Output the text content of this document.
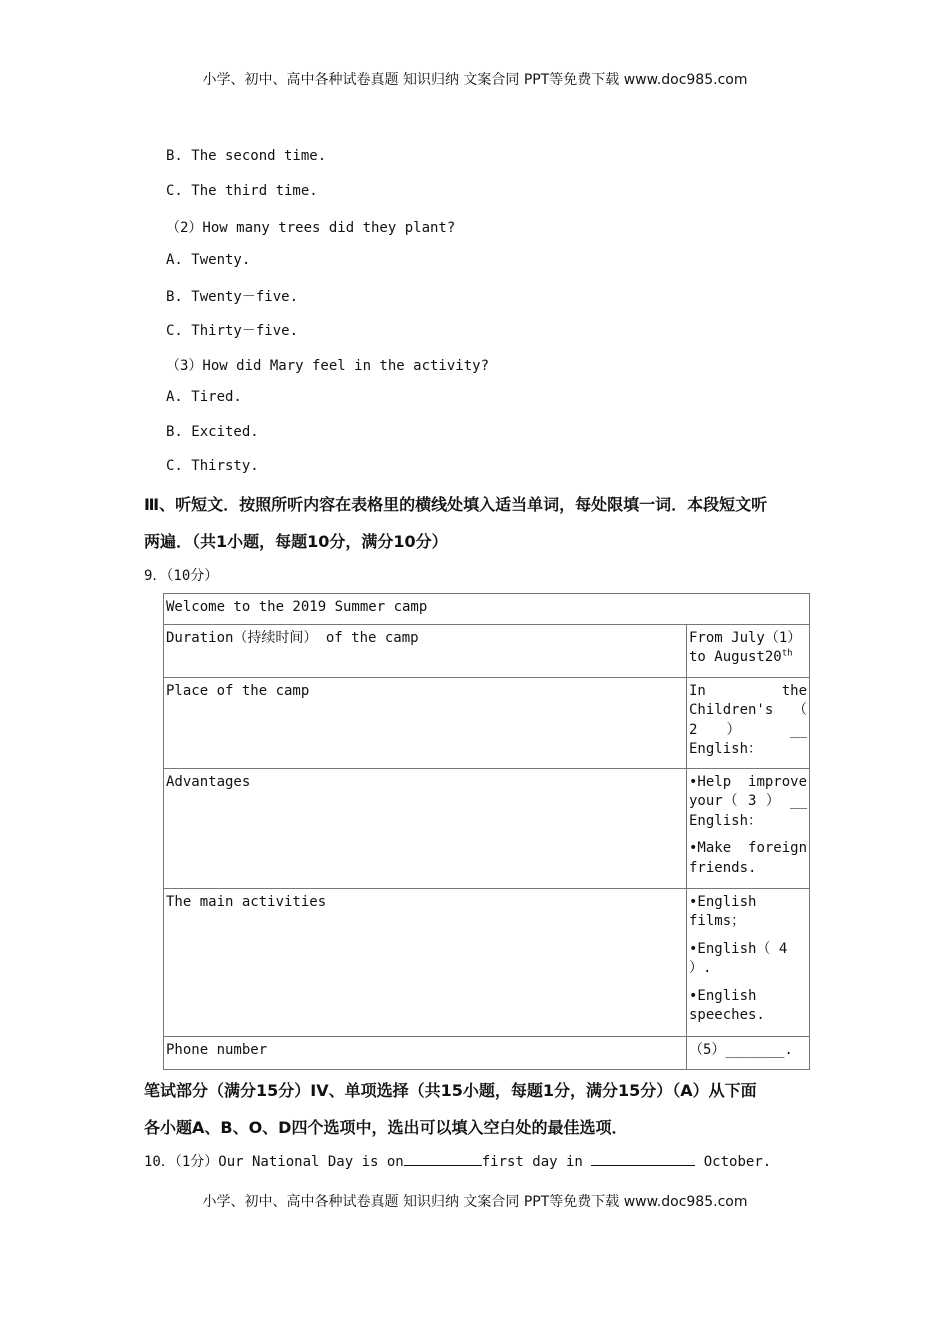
小学、初中、高中各种试卷真题 知识归纳 文案合同 PPT等免费下载 www.doc985.com
B. The second time.
C. The third time.
（2）How many trees did they plant?
A. Twenty.
B. Twenty－five.
C. Thirty－five.
（3）How did Mary feel in the activity?
A. Tired.
B. Excited.
C. Thirsty.
Ⅲ、听短文．按照所听内容在表格里的横线处填入适当单词，每处限填一词．本段短文听
两遍．（共1小题，每题10分，满分10分）
9．（10分）
Welcome to the 2019 Summer camp	
Duration（持续时间） of the camp	From July（1）to August20th
Place of the camp	In the Children's （ 2 ） __ English：

Advantages	•Help improve your（ 3 ） __ English：

•Make foreign friends.

The main activities	•English films；

•English（ 4 ）.

•English speeches.

Phone number	（5）_______.
笔试部分（满分15分）IV、单项选择（共15小题，每题1分，满分15分）（A）从下面
各小题A、B、O、D四个选项中，选出可以填入空白处的最佳选项．
10．（1分）Our National Day is on	first day in	October.
小学、初中、高中各种试卷真题 知识归纳 文案合同 PPT等免费下载 www.doc985.com
